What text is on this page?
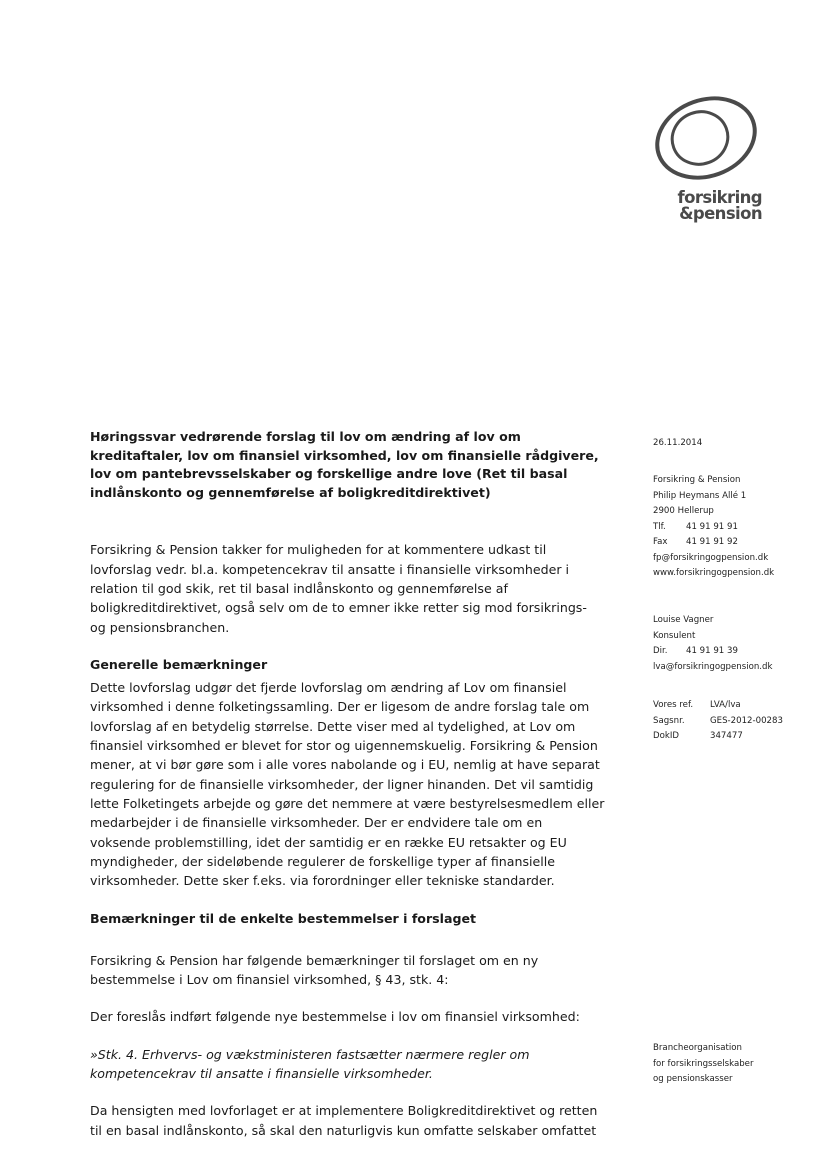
forsikring
&pension

Høringssvar vedrørende forslag til lov om ændring af lov om kreditaftaler, lov om finansiel virksomhed, lov om finansielle rådgivere, lov om pantebrevsselskaber og forskellige andre love (Ret til basal indlånskonto og gennemførelse af boligkreditdirektivet)

Forsikring & Pension takker for muligheden for at kommentere udkast til lovforslag vedr. bl.a. kompetencekrav til ansatte i finansielle virksomheder i relation til god skik, ret til basal indlånskonto og gennemførelse af boligkreditdirektivet, også selv om de to emner ikke retter sig mod forsikrings- og pensionsbranchen.

Generelle bemærkninger

Dette lovforslag udgør det fjerde lovforslag om ændring af Lov om finansiel virksomhed i denne folketingssamling. Der er ligesom de andre forslag tale om lovforslag af en betydelig størrelse. Dette viser med al tydelighed, at Lov om finansiel virksomhed er blevet for stor og uigennemskuelig. Forsikring & Pension mener, at vi bør gøre som i alle vores nabolande og i EU, nemlig at have separat regulering for de finansielle virksomheder, der ligner hinanden. Det vil samtidig lette Folketingets arbejde og gøre det nemmere at være bestyrelsesmedlem eller medarbejder i de finansielle virksomheder. Der er endvidere tale om en voksende problemstilling, idet der samtidig er en række EU retsakter og EU myndigheder, der sideløbende regulerer de forskellige typer af finansielle virksomheder. Dette sker f.eks. via forordninger eller tekniske standarder.

Bemærkninger til de enkelte bestemmelser i forslaget

Forsikring & Pension har følgende bemærkninger til forslaget om en ny bestemmelse i Lov om finansiel virksomhed, § 43, stk. 4:

Der foreslås indført følgende nye bestemmelse i lov om finansiel virksomhed:

»Stk. 4. Erhvervs- og vækstministeren fastsætter nærmere regler om kompetencekrav til ansatte i finansielle virksomheder.

Da hensigten med lovforlaget er at implementere Boligkreditdirektivet og retten til en basal indlånskonto, så skal den naturligvis kun omfatte selskaber omfattet

26.11.2014
Forsikring & Pension
Philip Heymans Allé 1
2900 Hellerup
Tlf.	41 91 91 91
Fax	41 91 91 92
fp@forsikringogpension.dk
www.forsikringogpension.dk
Louise Vagner
Konsulent
Dir.	41 91 91 39
lva@forsikringogpension.dk
Vores ref.	LVA/lva
Sagsnr.	GES-2012-00283
DokID	347477
Brancheorganisation
for forsikringsselskaber
og pensionskasser
